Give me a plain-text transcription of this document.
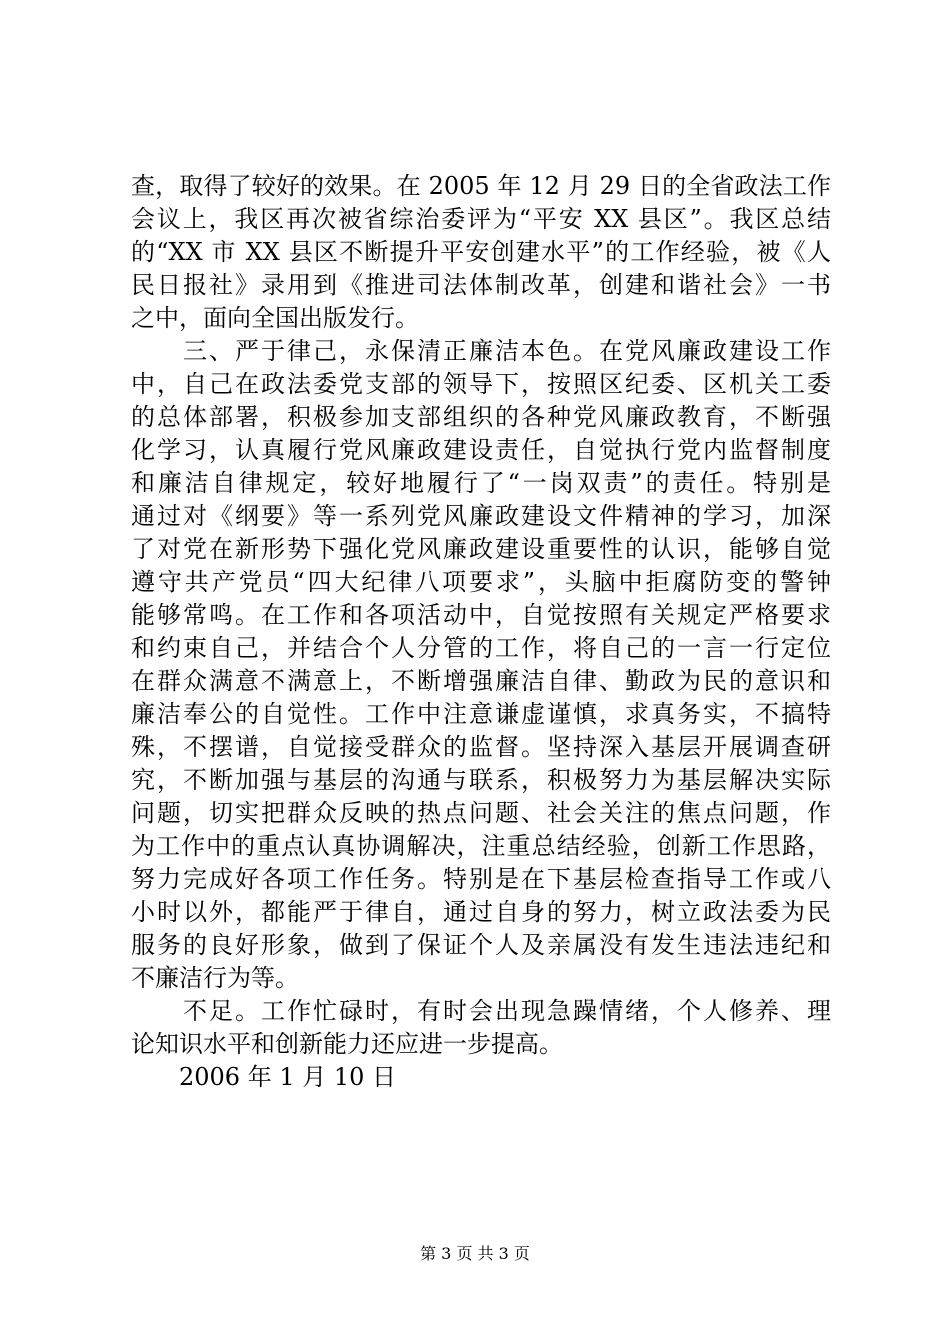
查，取得了较好的效果。在 2005 年 12 月 29 日的全省政法工作
会议上，我区再次被省综治委评为“平安 XX 县区”。我区总结
的“XX 市 XX 县区不断提升平安创建水平”的工作经验，被《人
民日报社》录用到《推进司法体制改革，创建和谐社会》一书
之中，面向全国出版发行。
　　三、严于律己，永保清正廉洁本色。在党风廉政建设工作
中，自己在政法委党支部的领导下，按照区纪委、区机关工委
的总体部署，积极参加支部组织的各种党风廉政教育，不断强
化学习，认真履行党风廉政建设责任，自觉执行党内监督制度
和廉洁自律规定，较好地履行了“一岗双责”的责任。特别是
通过对《纲要》等一系列党风廉政建设文件精神的学习，加深
了对党在新形势下强化党风廉政建设重要性的认识，能够自觉
遵守共产党员“四大纪律八项要求”，头脑中拒腐防变的警钟
能够常鸣。在工作和各项活动中，自觉按照有关规定严格要求
和约束自己，并结合个人分管的工作，将自己的一言一行定位
在群众满意不满意上，不断增强廉洁自律、勤政为民的意识和
廉洁奉公的自觉性。工作中注意谦虚谨慎，求真务实，不搞特
殊，不摆谱，自觉接受群众的监督。坚持深入基层开展调查研
究，不断加强与基层的沟通与联系，积极努力为基层解决实际
问题，切实把群众反映的热点问题、社会关注的焦点问题，作
为工作中的重点认真协调解决，注重总结经验，创新工作思路，
努力完成好各项工作任务。特别是在下基层检查指导工作或八
小时以外，都能严于律自，通过自身的努力，树立政法委为民
服务的良好形象，做到了保证个人及亲属没有发生违法违纪和
不廉洁行为等。
　　不足。工作忙碌时，有时会出现急躁情绪，个人修养、理
论知识水平和创新能力还应进一步提高。
　　2006 年 1 月 10 日
第 3 页 共 3 页
